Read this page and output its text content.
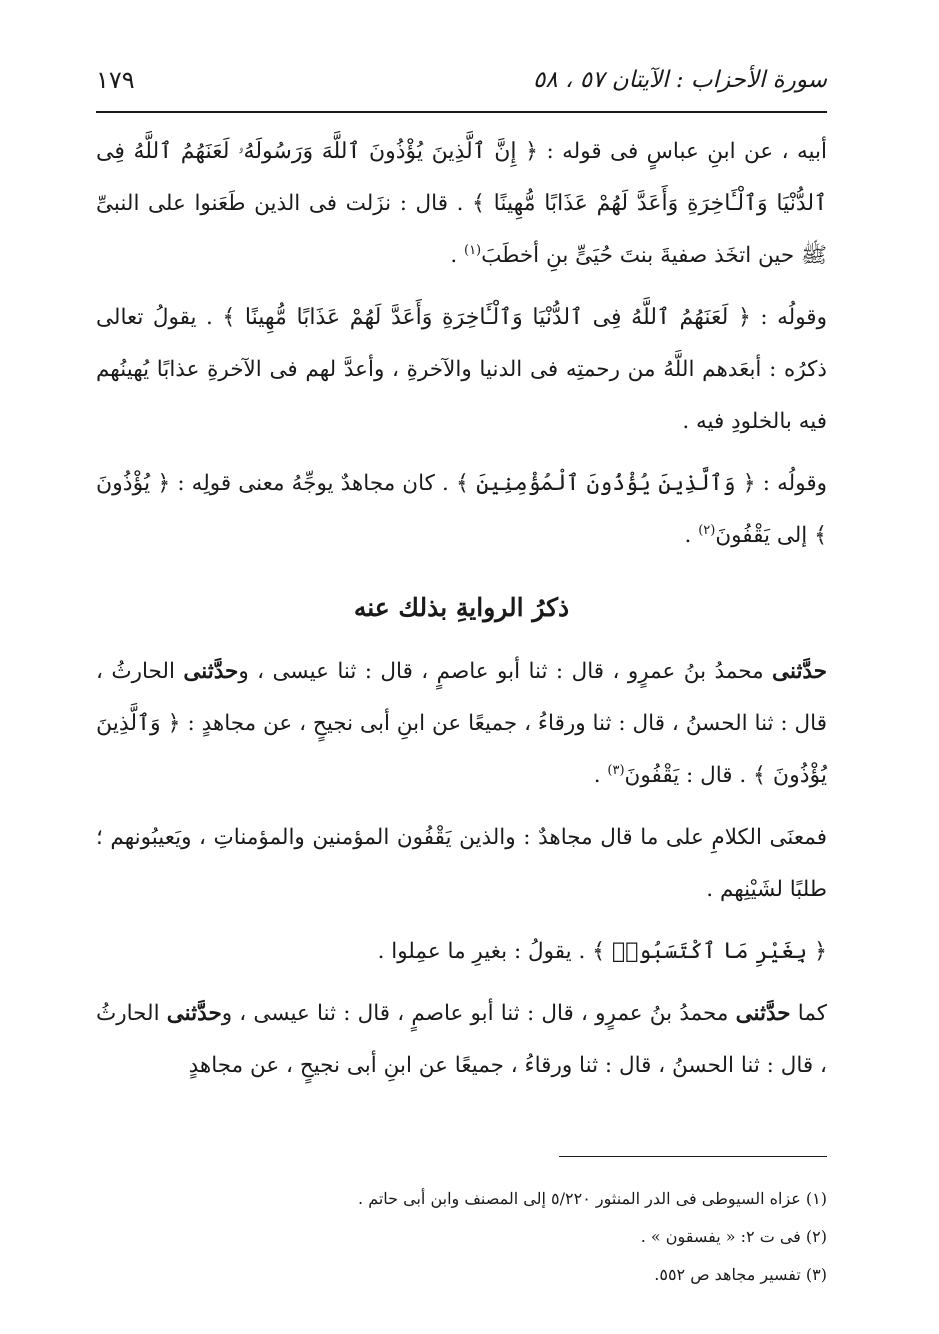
سورة الأحزاب : الآيتان ٥٧ ، ٥٨
١٧٩

أبيه ، عن ابنِ عباسٍ فى قوله : ﴿ إِنَّ ٱلَّذِينَ يُؤْذُونَ ٱللَّهَ وَرَسُولَهُۥ لَعَنَهُمُ ٱللَّهُ فِى ٱلدُّنْيَا وَٱلْـَٔاخِرَةِ وَأَعَدَّ لَهُمْ عَذَابًا مُّهِينًا ﴾ . قال : نزَلت فى الذين طَعَنوا على النبىِّ ﷺ حين اتخَذ صفيةَ بنتَ حُيَىٍّ بنِ أخطَبَ$^{(١)}$ .

وقولُه : ﴿ لَعَنَهُمُ ٱللَّهُ فِى ٱلدُّنْيَا وَٱلْـَٔاخِرَةِ وَأَعَدَّ لَهُمْ عَذَابًا مُّهِينًا ﴾ . يقولُ تعالى ذكرُه : أبعَدهم اللَّهُ من رحمتِه فى الدنيا والآخرةِ ، وأعدَّ لهم فى الآخرةِ عذابًا يُهينُهم فيه بالخلودِ فيه .

وقولُه : ﴿ وَٱلَّذِينَ يُؤْذُونَ ٱلْمُؤْمِنِينَ ﴾ . كان مجاهدٌ يوجِّهُ معنى قولِه : ﴿ يُؤْذُونَ ﴾ إلى يَقْفُونَ$^{(٢)}$ .

ذكرُ الروايةِ بذلك عنه

حدَّثنى محمدُ بنُ عمرٍو ، قال : ثنا أبو عاصمٍ ، قال : ثنا عيسى ، وحدَّثنى الحارثُ ، قال : ثنا الحسنُ ، قال : ثنا ورقاءُ ، جميعًا عن ابنِ أبى نجيحٍ ، عن مجاهدٍ : ﴿ وَٱلَّذِينَ يُؤْذُونَ ﴾ . قال : يَقْفُونَ$^{(٣)}$ .

فمعنَى الكلامِ على ما قال مجاهدٌ : والذين يَقْفُون المؤمنين والمؤمناتِ ، ويَعيبُونهم ؛ طلبًا لشَيْنِهم .

﴿ بِغَيْرِ مَا ٱكْتَسَبُوا۟ ﴾ . يقولُ : بغيرِ ما عمِلوا .

كما حدَّثنى محمدُ بنُ عمرٍو ، قال : ثنا أبو عاصمٍ ، قال : ثنا عيسى ، وحدَّثنى الحارثُ ، قال : ثنا الحسنُ ، قال : ثنا ورقاءُ ، جميعًا عن ابنِ أبى نجيحٍ ، عن مجاهدٍ

(١) عزاه السيوطى فى الدر المنثور ٥/٢٢٠ إلى المصنف وابن أبى حاتم .
(٢) فى ت ٢: « يفسقون » .
(٣) تفسير مجاهد ص ٥٥٢.
